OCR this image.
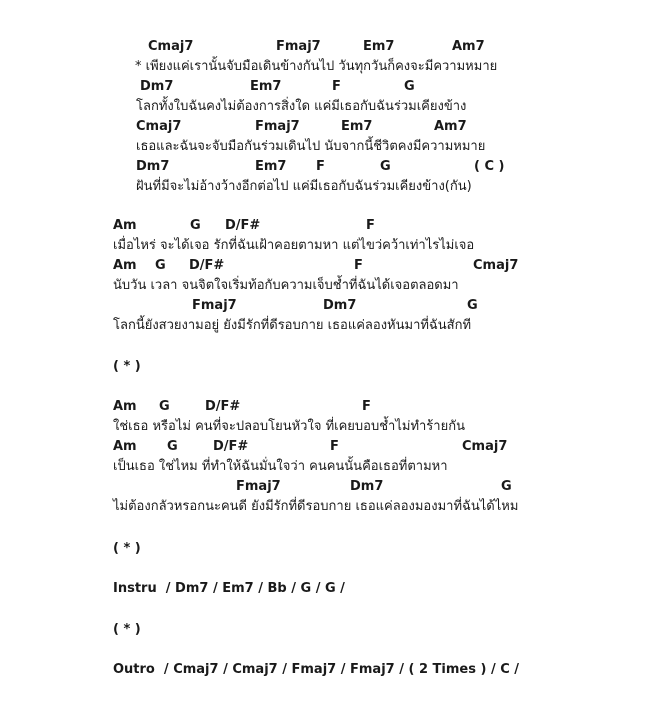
Cmaj7	Fmaj7	Em7	Am7
* เพียงแค่เรานั้นจับมือเดินข้างกันไป วันทุกวันก็คงจะมีความหมาย
Dm7	Em7	F	G
โลกทั้งใบฉันคงไม่ต้องการสิ่งใด แค่มีเธอกับฉันร่วมเคียงข้าง
Cmaj7	Fmaj7	Em7	Am7
เธอและฉันจะจับมือกันร่วมเดินไป นับจากนี้ชีวิตคงมีความหมาย
Dm7	Em7 F	G	( C )
ฝันที่มีจะไม่อ้างว้างอีกต่อไป แค่มีเธอกับฉันร่วมเคียงข้าง(กัน)
Am	G D/F#	F
เมื่อไหร่ จะได้เจอ รักที่ฉันเฝ้าคอยตามหา แต่ไขว่คว้าเท่าไรไม่เจอ
Am G D/F#	F	Cmaj7
นับวัน เวลา จนจิตใจเริ่มท้อกับความเจ็บช้ำที่ฉันได้เจอตลอดมา
Fmaj7	Dm7	G
โลกนี้ยังสวยงามอยู่ ยังมีรักที่ดีรอบกาย เธอแค่ลองหันมาที่ฉันสักที
( * )
Am G	D/F#	F
ใช่เธอ หรือไม่ คนที่จะปลอบโยนหัวใจ ที่เคยบอบช้ำไม่ทำร้ายกัน
Am G	D/F#	F	Cmaj7
เป็นเธอ ใช่ไหม ที่ทำให้ฉันมั่นใจว่า คนคนนั้นคือเธอที่ตามหา
Fmaj7	Dm7	G
ไม่ต้องกลัวหรอกนะคนดี ยังมีรักที่ดีรอบกาย เธอแค่ลองมองมาที่ฉันได้ไหม
( * )
Instru  / Dm7 / Em7 / Bb / G / G /
( * )
Outro  / Cmaj7 / Cmaj7 / Fmaj7 / Fmaj7 / ( 2 Times ) / C /
